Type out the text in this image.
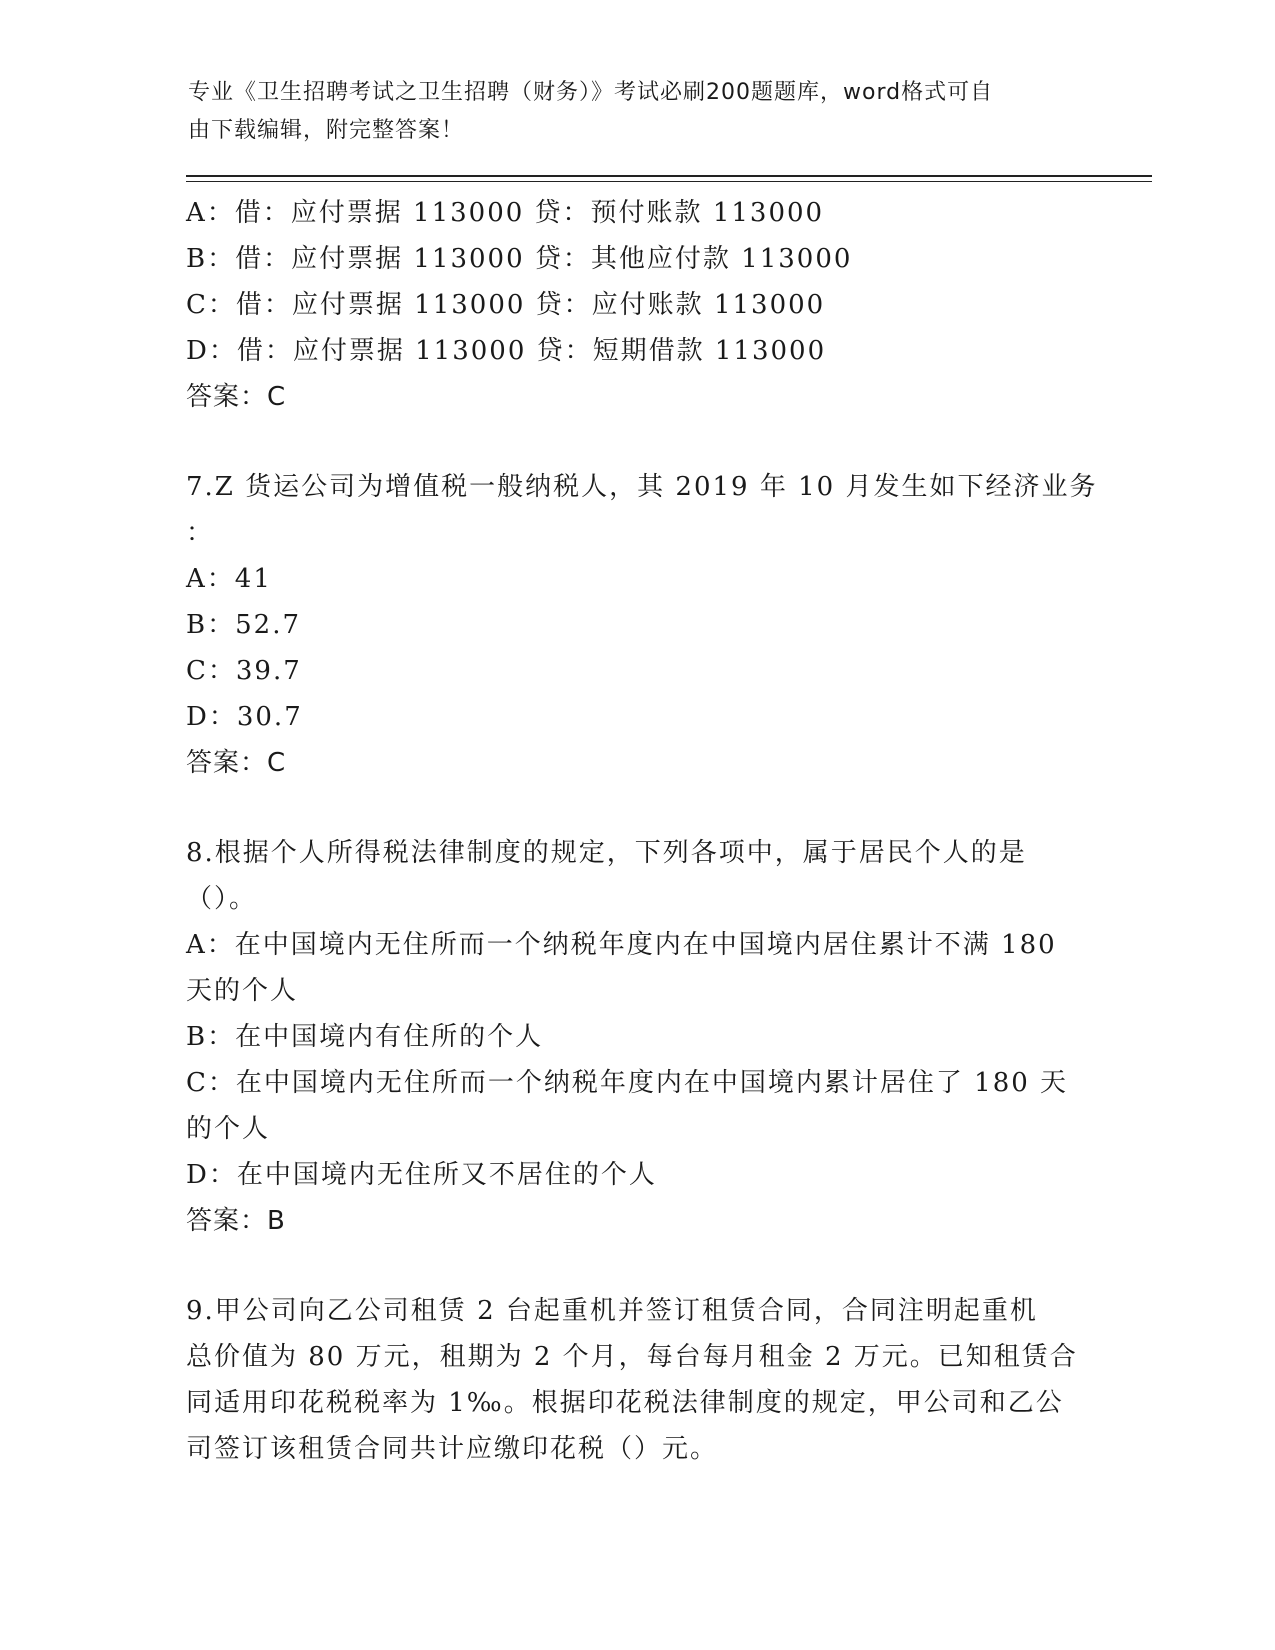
专业《卫生招聘考试之卫生招聘（财务）》考试必刷200题题库，word格式可自
由下载编辑，附完整答案！
A：借：应付票据 113000 贷：预付账款 113000
B：借：应付票据 113000 贷：其他应付款 113000
C：借：应付票据 113000 贷：应付账款 113000
D：借：应付票据 113000 贷：短期借款 113000
答案：C
7.Z 货运公司为增值税一般纳税人，其 2019 年 10 月发生如下经济业务
：
A：41
B：52.7
C：39.7
D：30.7
答案：C
8.根据个人所得税法律制度的规定，下列各项中，属于居民个人的是
（）。
A：在中国境内无住所而一个纳税年度内在中国境内居住累计不满 180
天的个人
B：在中国境内有住所的个人
C：在中国境内无住所而一个纳税年度内在中国境内累计居住了 180 天
的个人
D：在中国境内无住所又不居住的个人
答案：B
9.甲公司向乙公司租赁 2 台起重机并签订租赁合同，合同注明起重机
总价值为 80 万元，租期为 2 个月，每台每月租金 2 万元。已知租赁合
同适用印花税税率为 1‰。根据印花税法律制度的规定，甲公司和乙公
司签订该租赁合同共计应缴印花税（）元。
